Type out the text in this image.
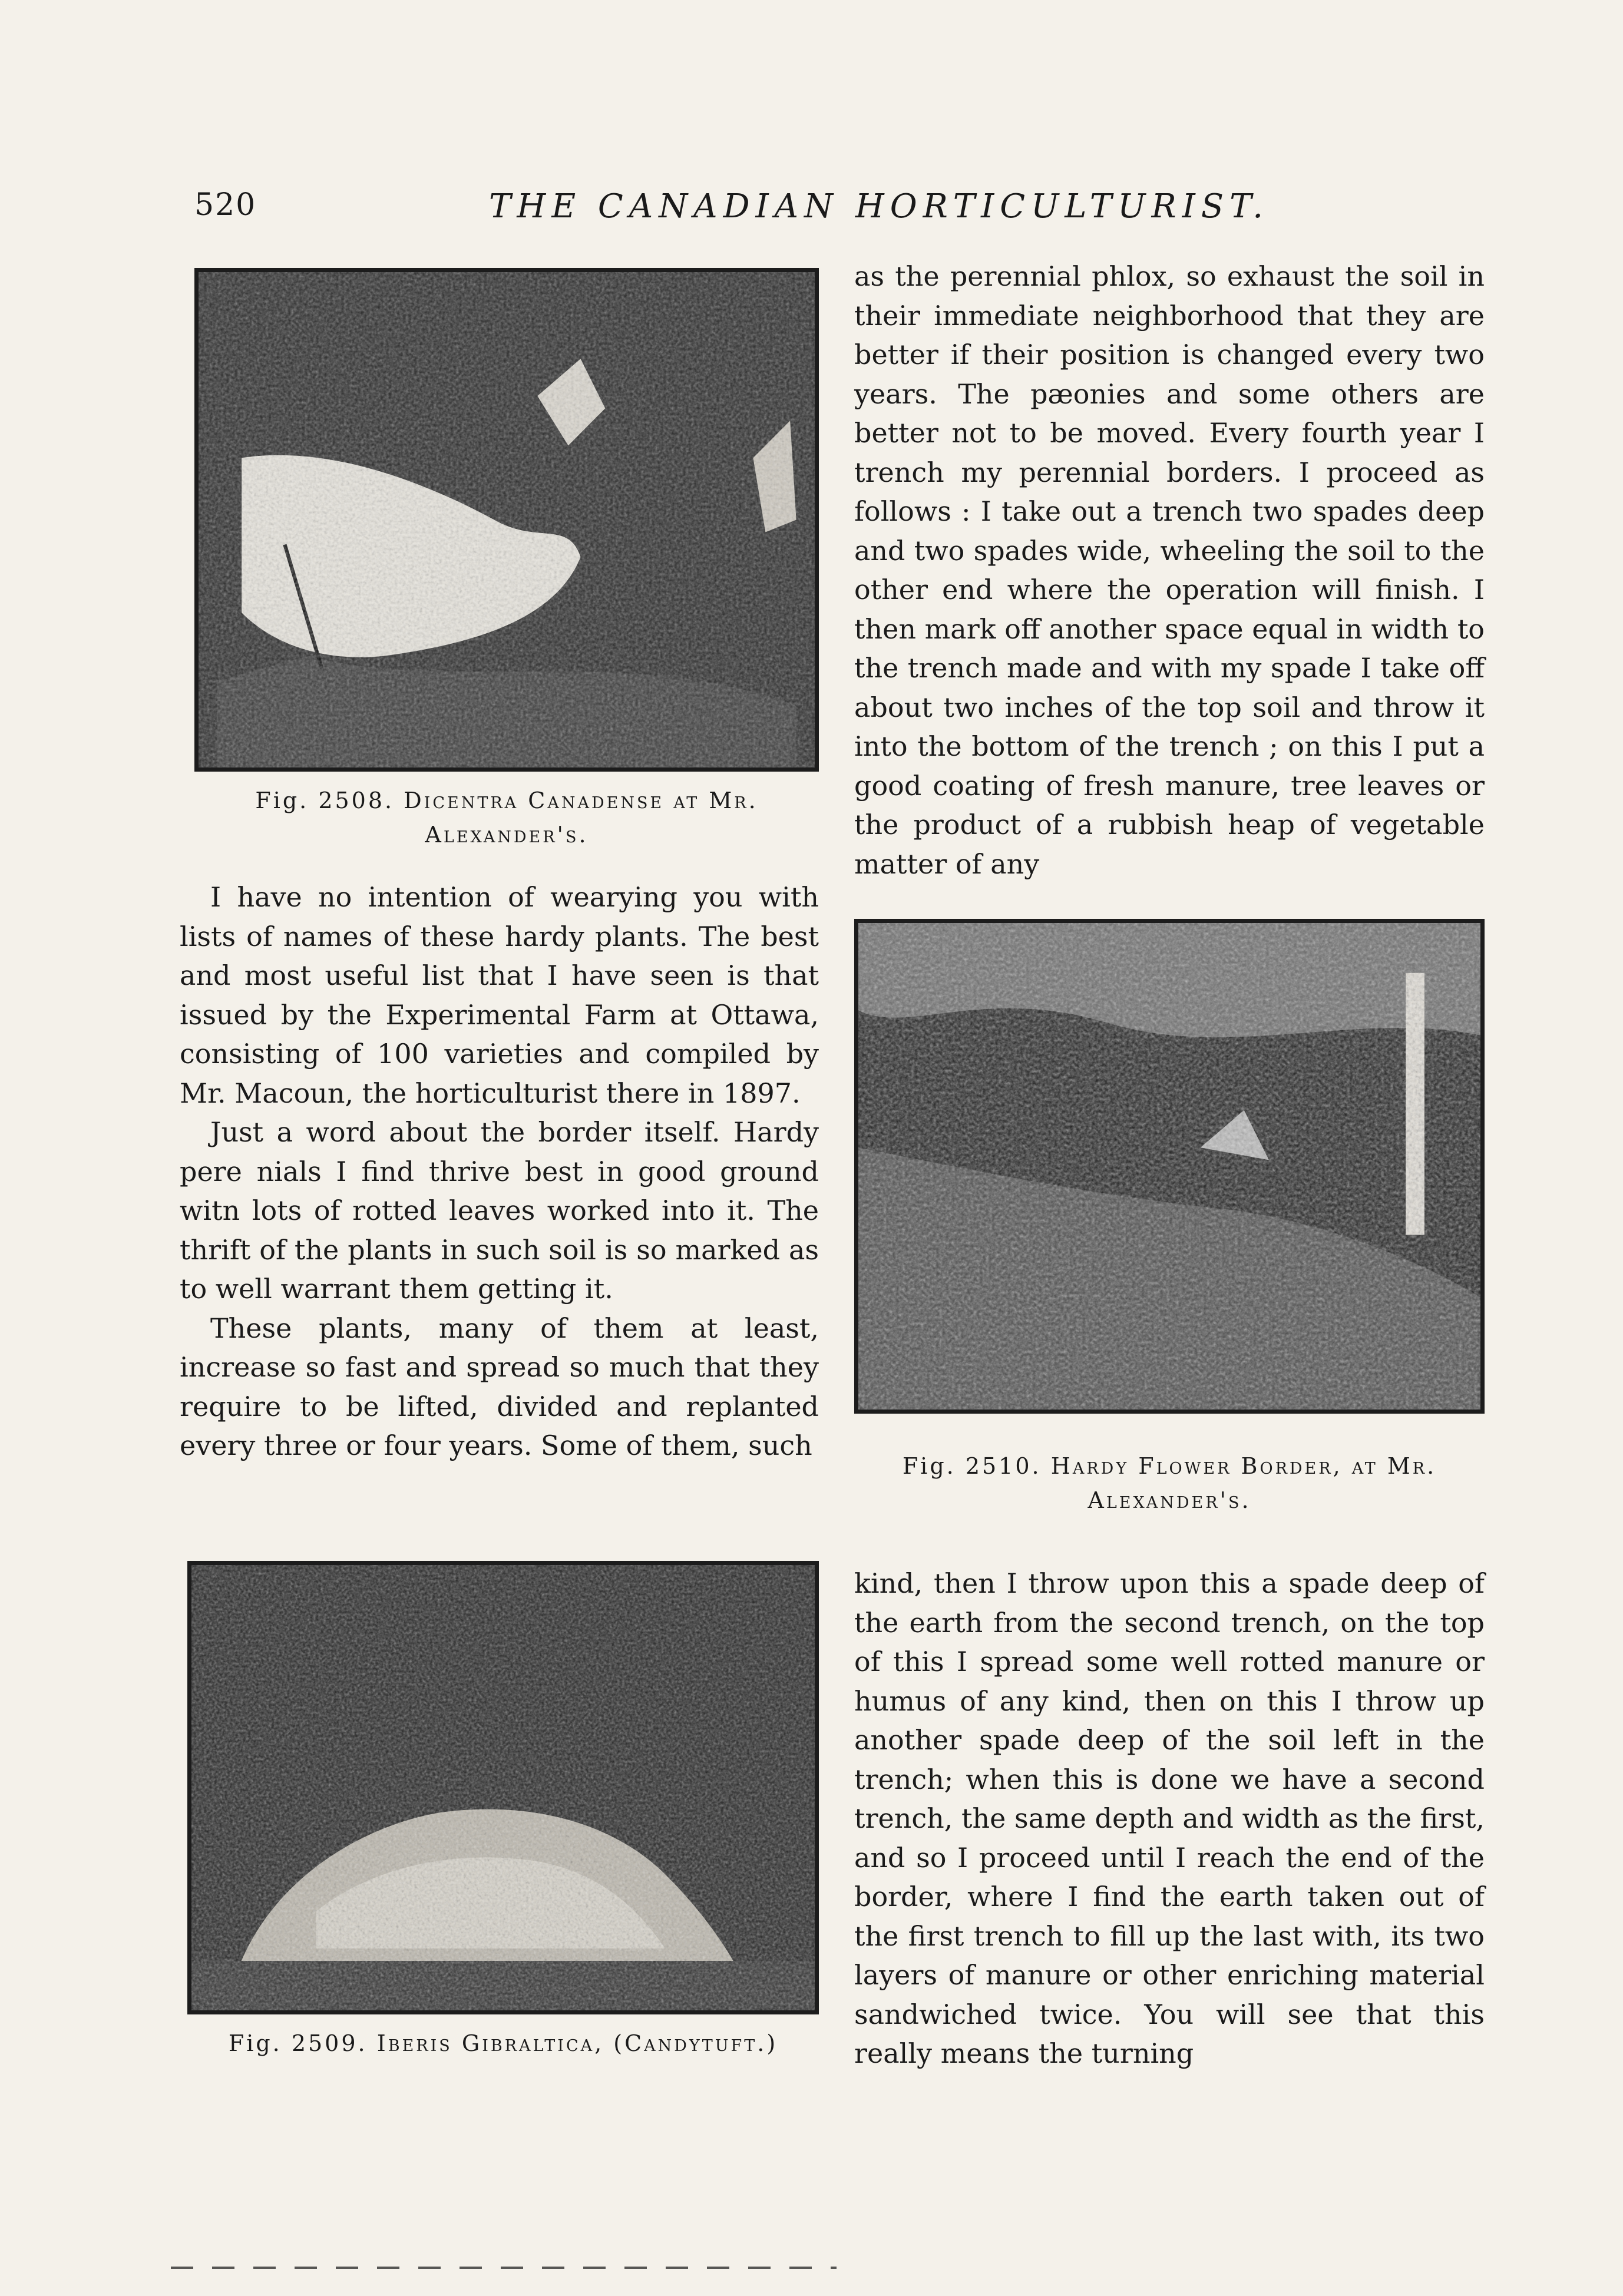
520	THE CANADIAN HORTICULTURIST.
Fig. 2508. Dicentra Canadense at Mr. Alexander's.

I have no intention of wearying you with lists of names of these hardy plants. The best and most useful list that I have seen is that issued by the Experimental Farm at Ottawa, consisting of 100 varieties and compiled by Mr. Macoun, the horticulturist there in 1897.

Just a word about the border itself. Hardy pere nials I find thrive best in good ground witn lots of rotted leaves worked into it. The thrift of the plants in such soil is so marked as to well warrant them getting it.

These plants, many of them at least, increase so fast and spread so much that they require to be lifted, divided and replanted every three or four years. Some of them, such

Fig. 2509. Iberis Gibraltica, (Candytuft.)

as the perennial phlox, so exhaust the soil in their immediate neighborhood that they are better if their position is changed every two years. The pæonies and some others are better not to be moved. Every fourth year I trench my perennial borders. I proceed as follows : I take out a trench two spades deep and two spades wide, wheeling the soil to the other end where the operation will finish. I then mark off another space equal in width to the trench made and with my spade I take off about two inches of the top soil and throw it into the bottom of the trench ; on this I put a good coating of fresh manure, tree leaves or the product of a rubbish heap of vegetable matter of any

Fig. 2510. Hardy Flower Border, at Mr. Alexander's.

kind, then I throw upon this a spade deep of the earth from the second trench, on the top of this I spread some well rotted manure or humus of any kind, then on this I throw up another spade deep of the soil left in the trench; when this is done we have a second trench, the same depth and width as the first, and so I proceed until I reach the end of the border, where I find the earth taken out of the first trench to fill up the last with, its two layers of manure or other enriching material sandwiched twice. You will see that this really means the turning
